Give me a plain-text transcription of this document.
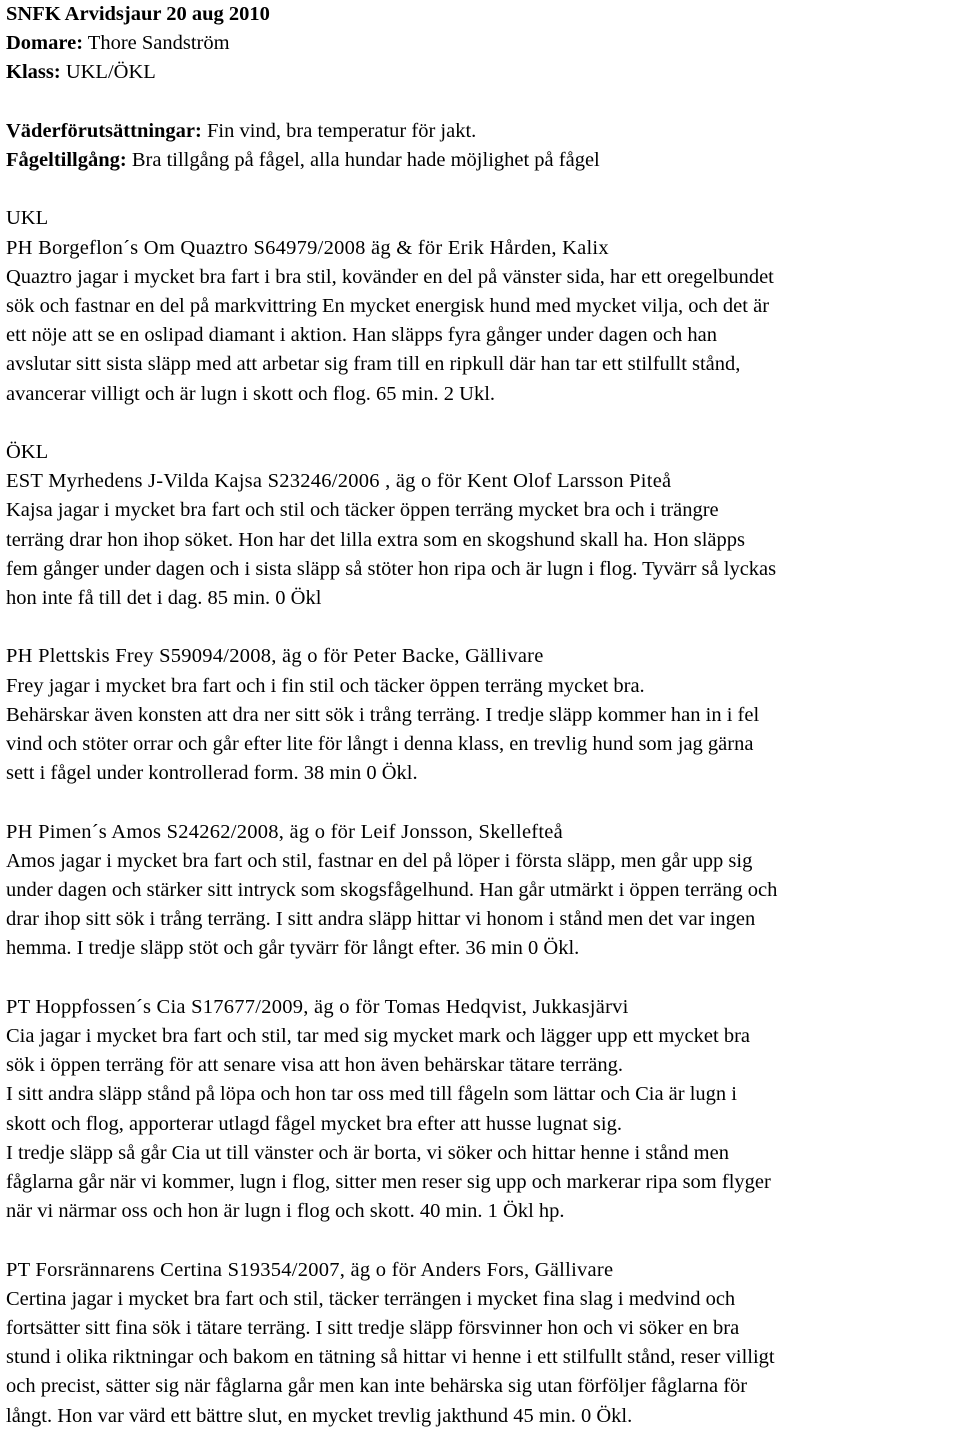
SNFK Arvidsjaur 20 aug 2010

Domare: Thore Sandström

Klass: UKL/ÖKL

Väderförutsättningar: Fin vind, bra temperatur för jakt.

Fågeltillgång: Bra tillgång på fågel, alla hundar hade möjlighet på fågel

UKL

PH Borgeflon´s Om Quaztro S64979/2008 äg & för Erik Hården, Kalix

Quaztro jagar i mycket bra fart i bra stil, kovänder en del på vänster sida, har ett oregelbundet

sök och fastnar en del på markvittring En mycket energisk hund med mycket vilja, och det är

ett nöje att se en oslipad diamant i aktion. Han släpps fyra gånger under dagen och han

avslutar sitt sista släpp med att arbetar sig fram till en ripkull där han tar ett stilfullt stånd,

avancerar villigt och är lugn i skott och flog. 65 min. 2 Ukl.

ÖKL

EST Myrhedens J-Vilda Kajsa S23246/2006 , äg o för Kent Olof Larsson Piteå

Kajsa jagar i mycket bra fart och stil och täcker öppen terräng mycket bra och i trängre

terräng drar hon ihop söket. Hon har det lilla extra som en skogshund skall ha. Hon släpps

fem gånger under dagen och i sista släpp så stöter hon ripa och är lugn i flog. Tyvärr så lyckas

hon inte få till det i dag. 85 min. 0 Ökl

PH Plettskis Frey S59094/2008, äg o för Peter Backe, Gällivare

Frey jagar i mycket bra fart och i fin stil och täcker öppen terräng mycket bra.

Behärskar även konsten att dra ner sitt sök i trång terräng. I tredje släpp kommer han in i fel

vind och stöter orrar och går efter lite för långt i denna klass, en trevlig hund som jag gärna

sett i fågel under kontrollerad form. 38 min 0 Ökl.

PH Pimen´s Amos S24262/2008, äg o för Leif Jonsson, Skellefteå

Amos jagar i mycket bra fart och stil, fastnar en del på löper i första släpp, men går upp sig

under dagen och stärker sitt intryck som skogsfågelhund. Han går utmärkt i öppen terräng och

drar ihop sitt sök i trång terräng. I sitt andra släpp hittar vi honom i stånd men det var ingen

hemma. I tredje släpp stöt och går tyvärr för långt efter. 36 min 0 Ökl.

PT Hoppfossen´s Cia S17677/2009, äg o för Tomas Hedqvist, Jukkasjärvi

Cia jagar i mycket bra fart och stil, tar med sig mycket mark och lägger upp ett mycket bra

sök i öppen terräng för att senare visa att hon även behärskar tätare terräng.

I sitt andra släpp stånd på löpa och hon tar oss med till fågeln som lättar och Cia är lugn i

skott och flog, apporterar utlagd fågel mycket bra efter att husse lugnat sig.

I tredje släpp så går Cia ut till vänster och är borta, vi söker och hittar henne i stånd men

fåglarna går när vi kommer, lugn i flog, sitter men reser sig upp och markerar ripa som flyger

när vi närmar oss och hon är lugn i flog och skott. 40 min. 1 Ökl hp.

PT Forsrännarens Certina S19354/2007, äg o för Anders Fors, Gällivare

Certina jagar i mycket bra fart och stil, täcker terrängen i mycket fina slag i medvind och

fortsätter sitt fina sök i tätare terräng. I sitt tredje släpp försvinner hon och vi söker en bra

stund i olika riktningar och bakom en tätning så hittar vi henne i ett stilfullt stånd, reser villigt

och precist, sätter sig när fåglarna går men kan inte behärska sig utan förföljer fåglarna för

långt. Hon var värd ett bättre slut, en mycket trevlig jakthund 45 min. 0 Ökl.
